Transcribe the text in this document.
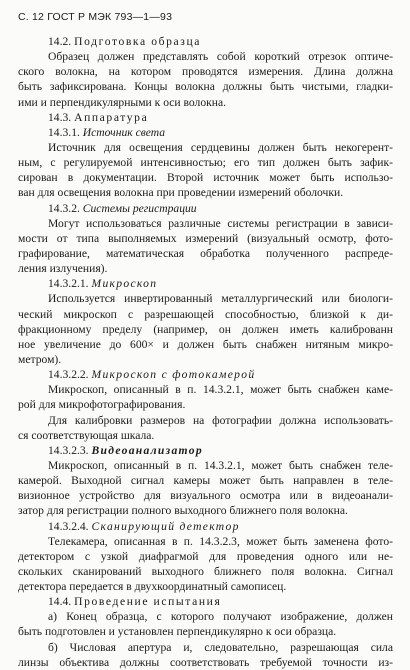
С. 12 ГОСТ Р МЭК 793—1—93
14.2. Подготовка образца
Образец должен представлять собой короткий отрезок оптиче-
ского волокна, на котором проводятся измерения. Длина должна
быть зафиксирована. Концы волокна должны быть чистыми, гладки-
ими и перпендикулярными к оси волокна.
14.3. Аппаратура
14.3.1. Источник света
Источник для освещения сердцевины должен быть некогерент-
ным, с регулируемой интенсивностью; его тип должен быть зафик-
сирован в документации. Второй источник может быть использо-
ван для освещения волокна при проведении измерений оболочки.
14.3.2. Системы регистрации
Могут использоваться различные системы регистрации в зависи-
мости от типа выполняемых измерений (визуальный осмотр, фото-
графирование, математическая обработка полученного распреде-
ления излучения).
14.3.2.1. Микроскоп
Используется инвертированный металлургический или биологи-
ческий микроскоп с разрешающей способностью, близкой к ди-
фракционному пределу (например, он должен иметь калиброванн
ное увеличение до 600× и должен быть снабжен нитяным микро-
метром).
14.3.2.2. Микроскоп с фотокамерой
Микроскоп, описанный в п. 14.3.2.1, может быть снабжен каме-
рой для микрофотографирования.
Для калибровки размеров на фотографии должна использовать-
ся соответствующая шкала.
14.3.2.3. Видеоанализатор
Микроскоп, описанный в п. 14.3.2.1, может быть снабжен теле-
камерой. Выходной сигнал камеры может быть направлен в теле-
визионное устройство для визуального осмотра или в видеоанали-
затор для регистрации полного выходного ближнего поля волокна.
14.3.2.4. Сканирующий детектор
Телекамера, описанная в п. 14.3.2.3, может быть заменена фото-
детектором с узкой диафрагмой для проведения одного или нe-
скольких сканирований выходного ближнего поля волокна. Сигнал
детектора передается в двухкоординатный самописец.
14.4. Проведение испытания
а) Конец образца, с которого получают изображение, должен
быть подготовлен и установлен перпендикулярно к оси образца.
б) Числовая апертура и, следовательно, разрешающая сила
линзы объектива должны соответствовать требуемой точности из-
